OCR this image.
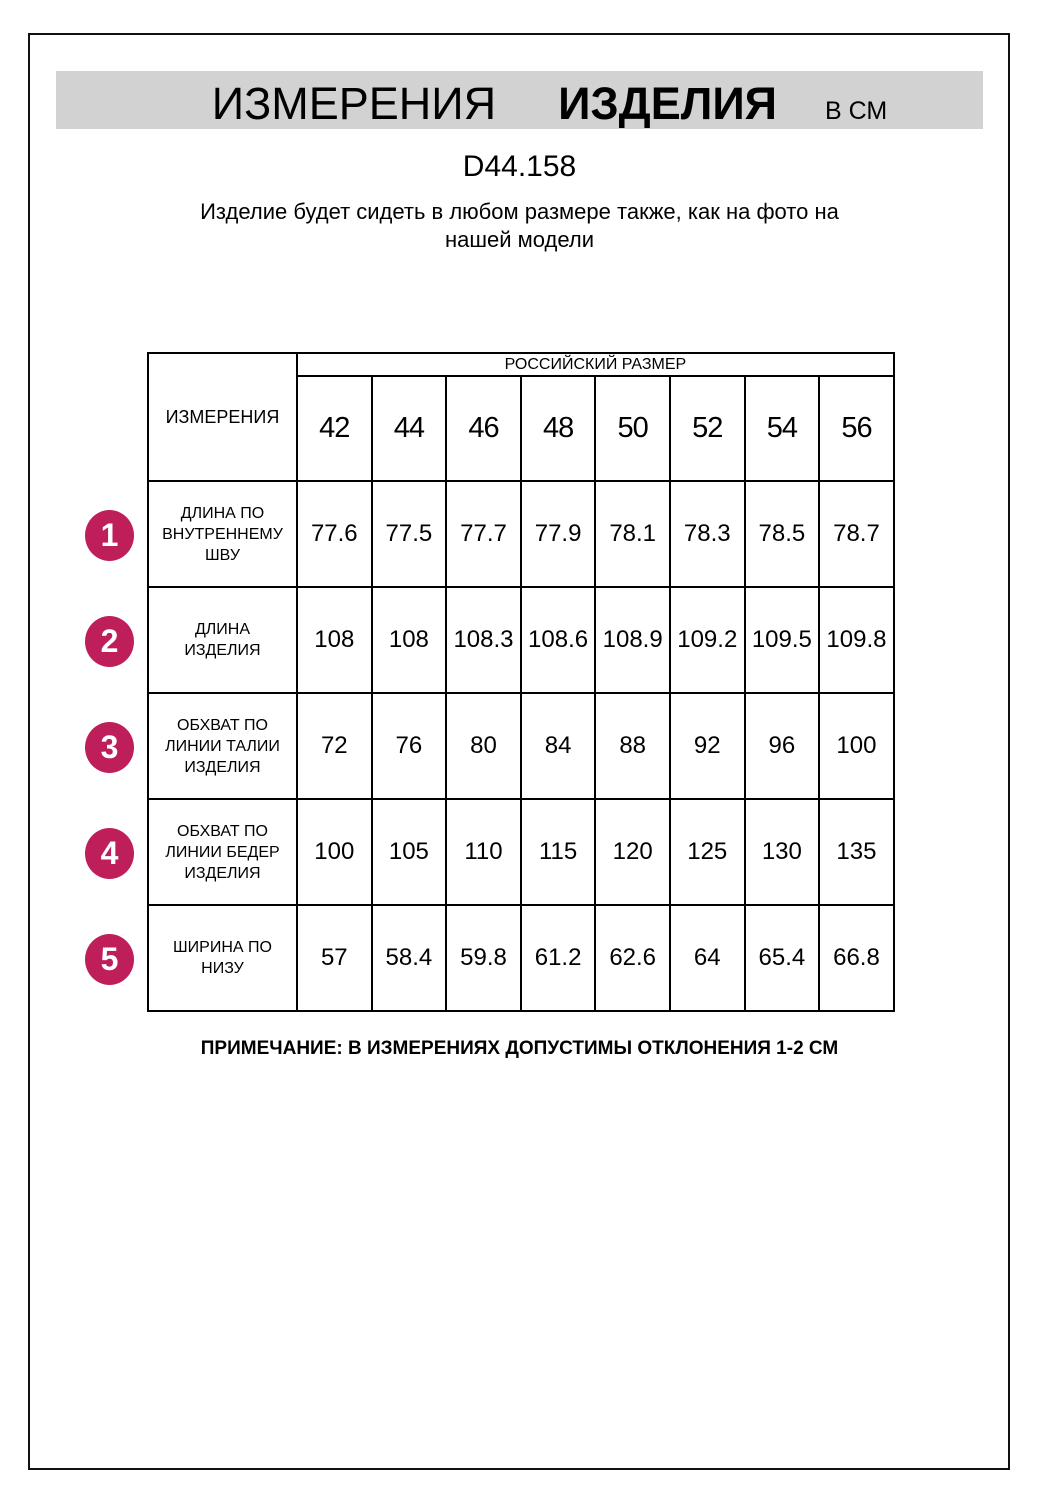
ИЗМЕРЕНИЯ ИЗДЕЛИЯ В СМ
D44.158
Изделие будет сидеть в любом размере также, как на фото на
нашей модели
1
2
3
4
5
ИЗМЕРЕНИЯ	РОССИЙСКИЙ РАЗМЕР							
	42	44	46	48	50	52	54	56
ДЛИНА ПО ВНУТРЕННЕМУ ШВУ	77.6	77.5	77.7	77.9	78.1	78.3	78.5	78.7
ДЛИНА ИЗДЕЛИЯ	108	108	108.3	108.6	108.9	109.2	109.5	109.8
ОБХВАТ ПО ЛИНИИ ТАЛИИ ИЗДЕЛИЯ	72	76	80	84	88	92	96	100
ОБХВАТ ПО ЛИНИИ БЕДЕР ИЗДЕЛИЯ	100	105	110	115	120	125	130	135
ШИРИНА ПО НИЗУ	57	58.4	59.8	61.2	62.6	64	65.4	66.8
ПРИМЕЧАНИЕ: В ИЗМЕРЕНИЯХ ДОПУСТИМЫ ОТКЛОНЕНИЯ 1-2 СМ
